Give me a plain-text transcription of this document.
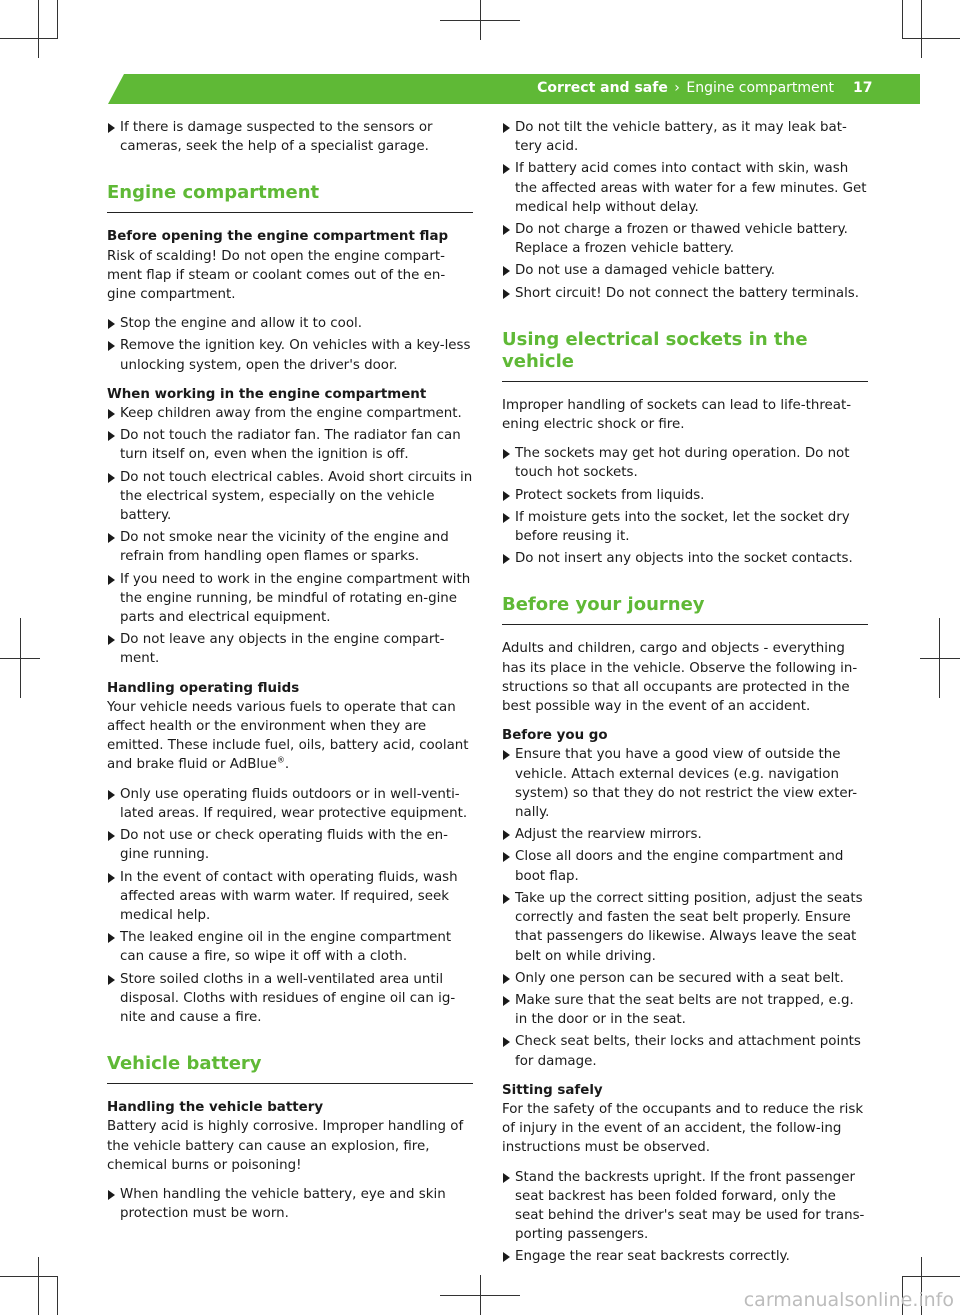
Correct and safe › Engine compartment 17
If there is damage suspected to the sensors or cameras, seek the help of a specialist garage.
Engine compartment
Before opening the engine compartment flap

Risk of scalding! Do not open the engine compart-ment flap if steam or coolant comes out of the en-gine compartment.

Stop the engine and allow it to cool.
Remove the ignition key. On vehicles with a key-less unlocking system, open the driver's door.
When working in the engine compartment
Keep children away from the engine compartment.
Do not touch the radiator fan. The radiator fan can turn itself on, even when the ignition is off.
Do not touch electrical cables. Avoid short circuits in the electrical system, especially on the vehicle battery.
Do not smoke near the vicinity of the engine and refrain from handling open flames or sparks.
If you need to work in the engine compartment with the engine running, be mindful of rotating en-gine parts and electrical equipment.
Do not leave any objects in the engine compart-ment.
Handling operating fluids

Your vehicle needs various fuels to operate that can affect health or the environment when they are emitted. These include fuel, oils, battery acid, coolant and brake fluid or AdBlue®.

Only use operating fluids outdoors or in well-venti-lated areas. If required, wear protective equipment.
Do not use or check operating fluids with the en-gine running.
In the event of contact with operating fluids, wash affected areas with warm water. If required, seek medical help.
The leaked engine oil in the engine compartment can cause a fire, so wipe it off with a cloth.
Store soiled cloths in a well-ventilated area until disposal. Cloths with residues of engine oil can ig-nite and cause a fire.
Vehicle battery
Handling the vehicle battery

Battery acid is highly corrosive. Improper handling of the vehicle battery can cause an explosion, fire, chemical burns or poisoning!

When handling the vehicle battery, eye and skin protection must be worn.
Do not tilt the vehicle battery, as it may leak bat-tery acid.
If battery acid comes into contact with skin, wash the affected areas with water for a few minutes. Get medical help without delay.
Do not charge a frozen or thawed vehicle battery. Replace a frozen vehicle battery.
Do not use a damaged vehicle battery.
Short circuit! Do not connect the battery terminals.
Using electrical sockets in the vehicle

Improper handling of sockets can lead to life-threat-ening electric shock or fire.

The sockets may get hot during operation. Do not touch hot sockets.
Protect sockets from liquids.
If moisture gets into the socket, let the socket dry before reusing it.
Do not insert any objects into the socket contacts.
Before your journey

Adults and children, cargo and objects - everything has its place in the vehicle. Observe the following in-structions so that all occupants are protected in the best possible way in the event of an accident.

Before you go
Ensure that you have a good view of outside the vehicle. Attach external devices (e.g. navigation system) so that they do not restrict the view exter-nally.
Adjust the rearview mirrors.
Close all doors and the engine compartment and boot flap.
Take up the correct sitting position, adjust the seats correctly and fasten the seat belt properly. Ensure that passengers do likewise. Always leave the seat belt on while driving.
Only one person can be secured with a seat belt.
Make sure that the seat belts are not trapped, e.g. in the door or in the seat.
Check seat belts, their locks and attachment points for damage.
Sitting safely

For the safety of the occupants and to reduce the risk of injury in the event of an accident, the follow-ing instructions must be observed.

Stand the backrests upright. If the front passenger seat backrest has been folded forward, only the seat behind the driver's seat may be used for trans-porting passengers.
Engage the rear seat backrests correctly.
carmanualsonline.info
